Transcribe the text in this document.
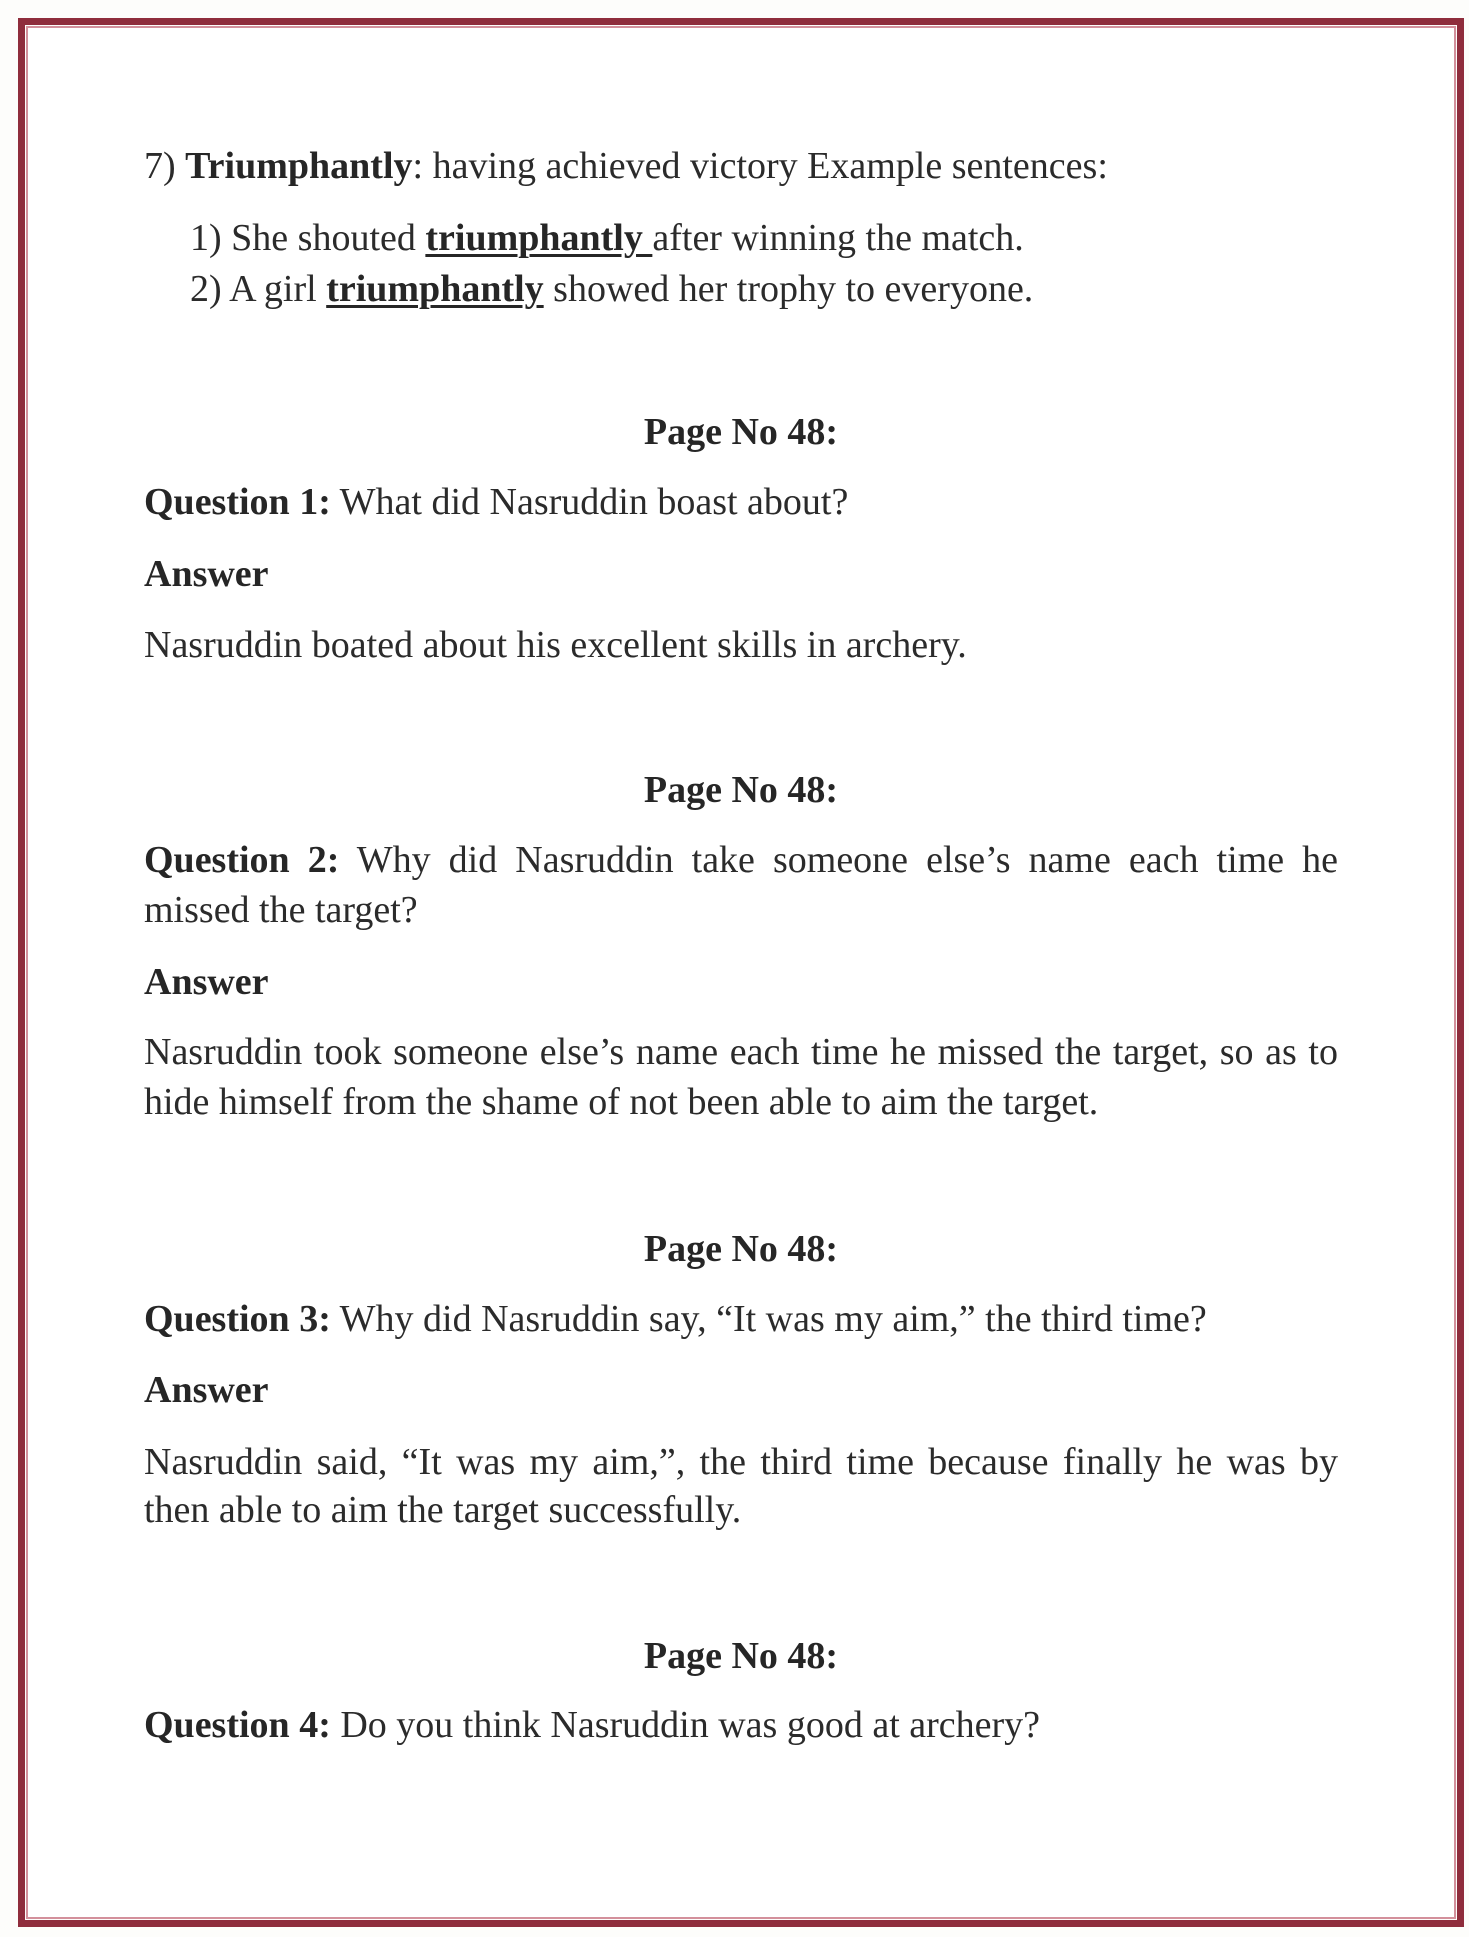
7) Triumphantly: having achieved victory Example sentences:
1) She shouted triumphantly after winning the match.
2) A girl triumphantly showed her trophy to everyone.
Page No 48:
Question 1: What did Nasruddin boast about?
Answer
Nasruddin boated about his excellent skills in archery.
Page No 48:
Question 2: Why did Nasruddin take someone else’s name each time he missed the target?
Answer
Nasruddin took someone else’s name each time he missed the target, so as to hide himself from the shame of not been able to aim the target.
Page No 48:
Question 3: Why did Nasruddin say, “It was my aim,” the third time?
Answer
Nasruddin said, “It was my aim,”, the third time because finally he was by then able to aim the target successfully.
Page No 48:
Question 4: Do you think Nasruddin was good at archery?
